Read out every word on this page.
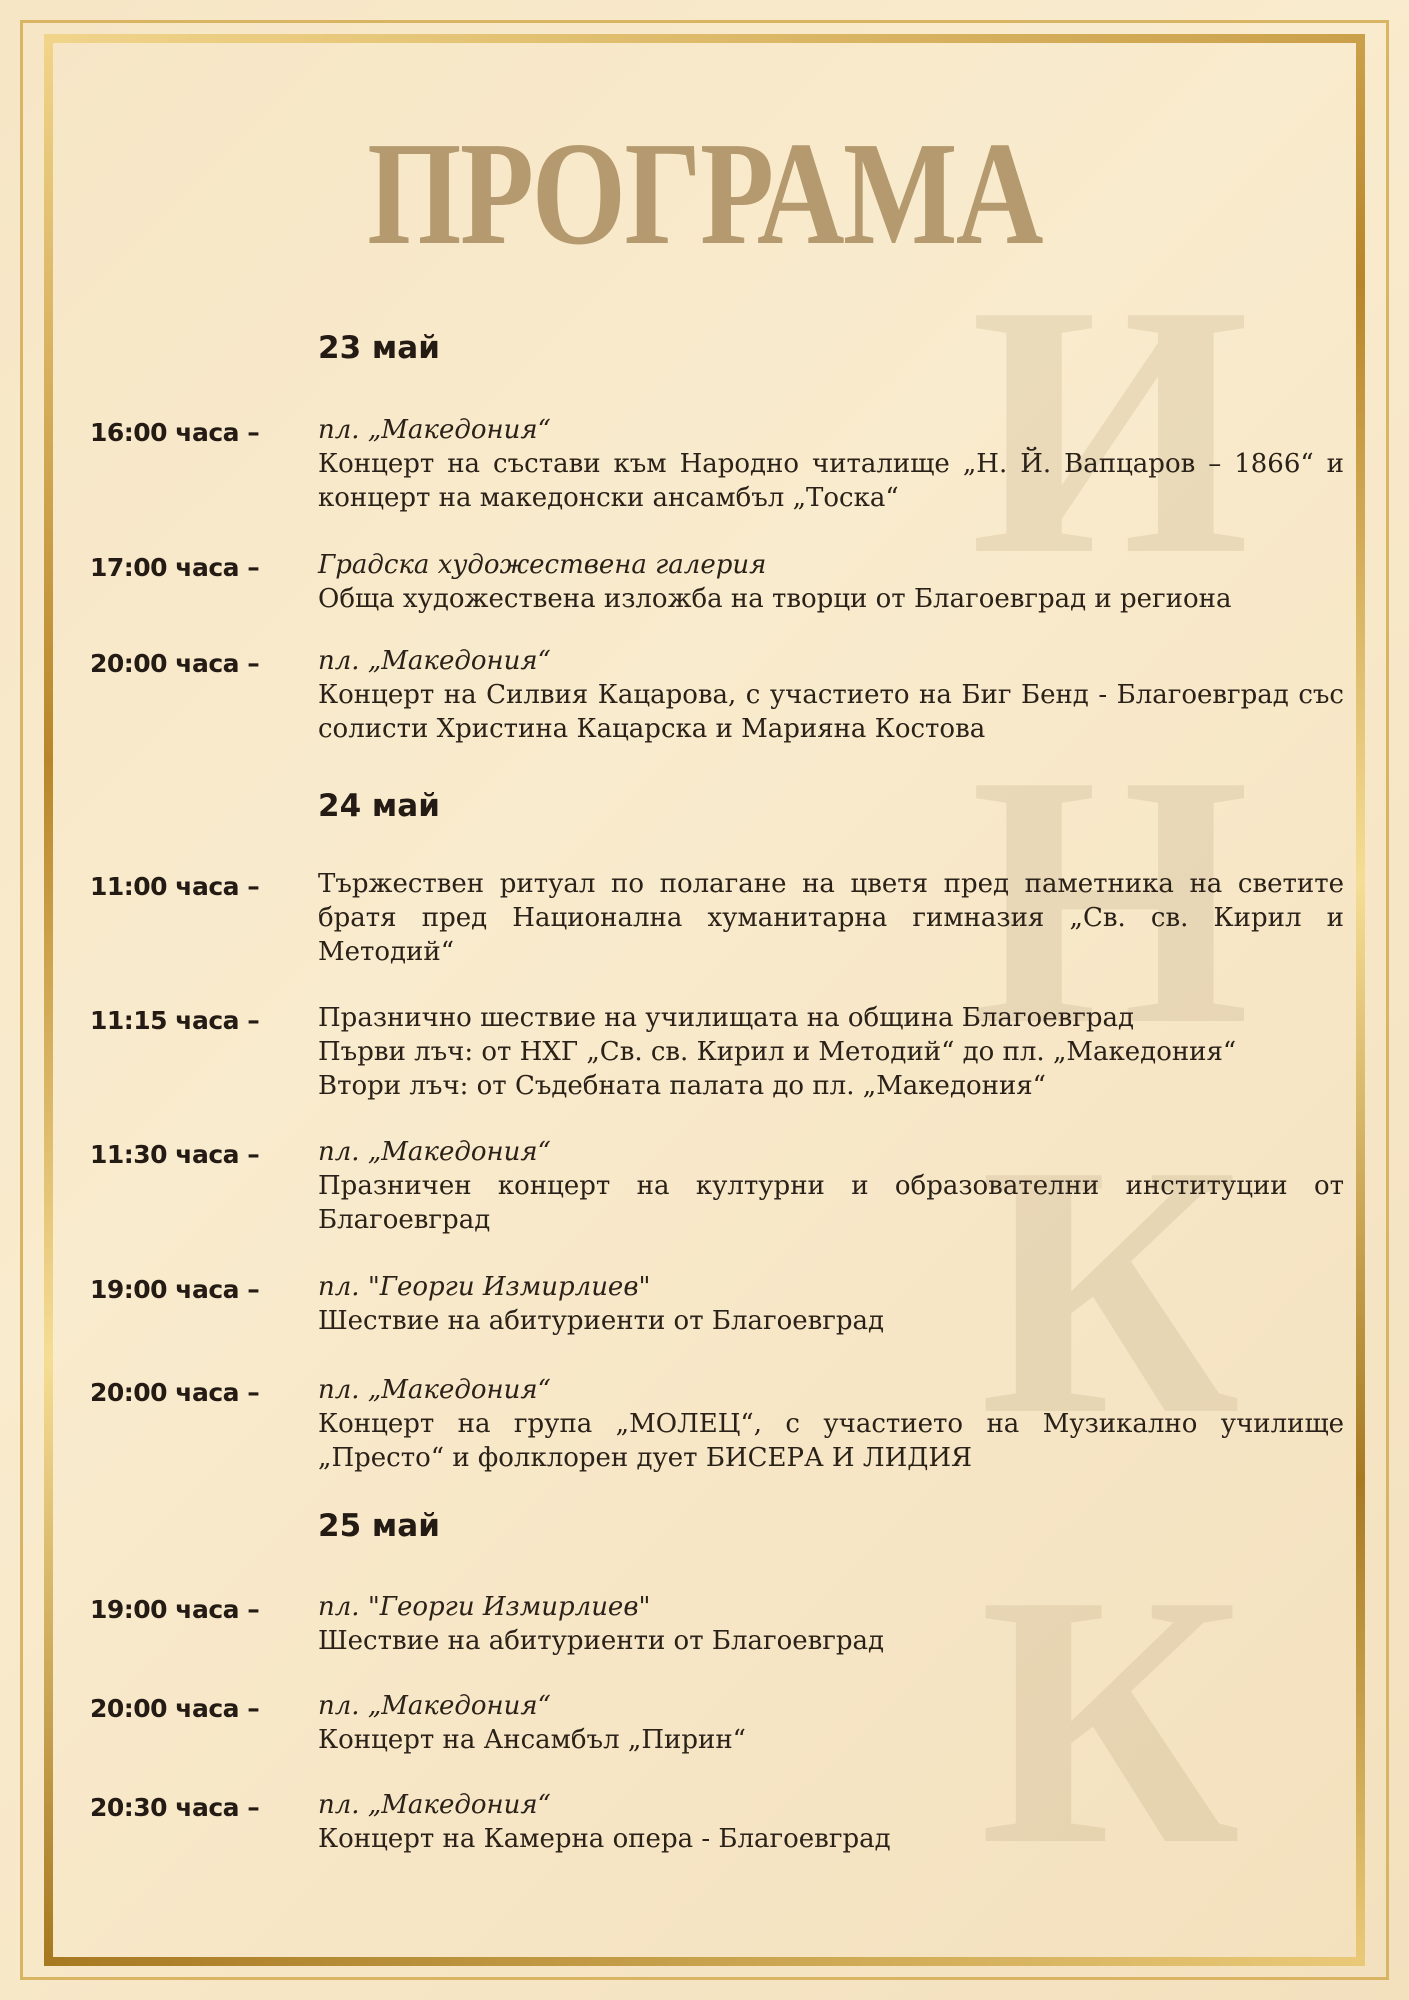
И
Н
К
К
ПРОГРАМА
23 май
16:00 часа – пл. „Македония“
Концерт на състави към Народно читалище „Н. Й. Вапцаров – 1866“ и концерт на македонски ансамбъл „Тоска“
17:00 часа – Градска художествена галерия
Обща художествена изложба на творци от Благоевград и региона
20:00 часа – пл. „Македония“
Концерт на Силвия Кацарова, с участието на Биг Бенд - Благоевград със солисти Христина Кацарска и Марияна Костова
24 май
11:00 часа – Тържествен ритуал по полагане на цветя пред паметника на светите братя пред Национална хуманитарна гимназия „Св. св. Кирил и Методий“
11:15 часа – Празнично шествие на училищата на община Благоевград
Първи лъч: от НХГ „Св. св. Кирил и Методий“ до пл. „Македония“
Втори лъч: от Съдебната палата до пл. „Македония“
11:30 часа – пл. „Македония“
Празничен концерт на културни и образователни институции от Благоевград
19:00 часа – пл. "Георги Измирлиев"
Шествие на абитуриенти от Благоевград
20:00 часа – пл. „Македония“
Концерт на група „МОЛЕЦ“, с участието на Музикално училище „Престо“ и фолклорен дует БИСЕРА И ЛИДИЯ
25 май
19:00 часа – пл. "Георги Измирлиев"
Шествие на абитуриенти от Благоевград
20:00 часа – пл. „Македония“
Концерт на Ансамбъл „Пирин“
20:30 часа – пл. „Македония“
Концерт на Камерна опера - Благоевград
